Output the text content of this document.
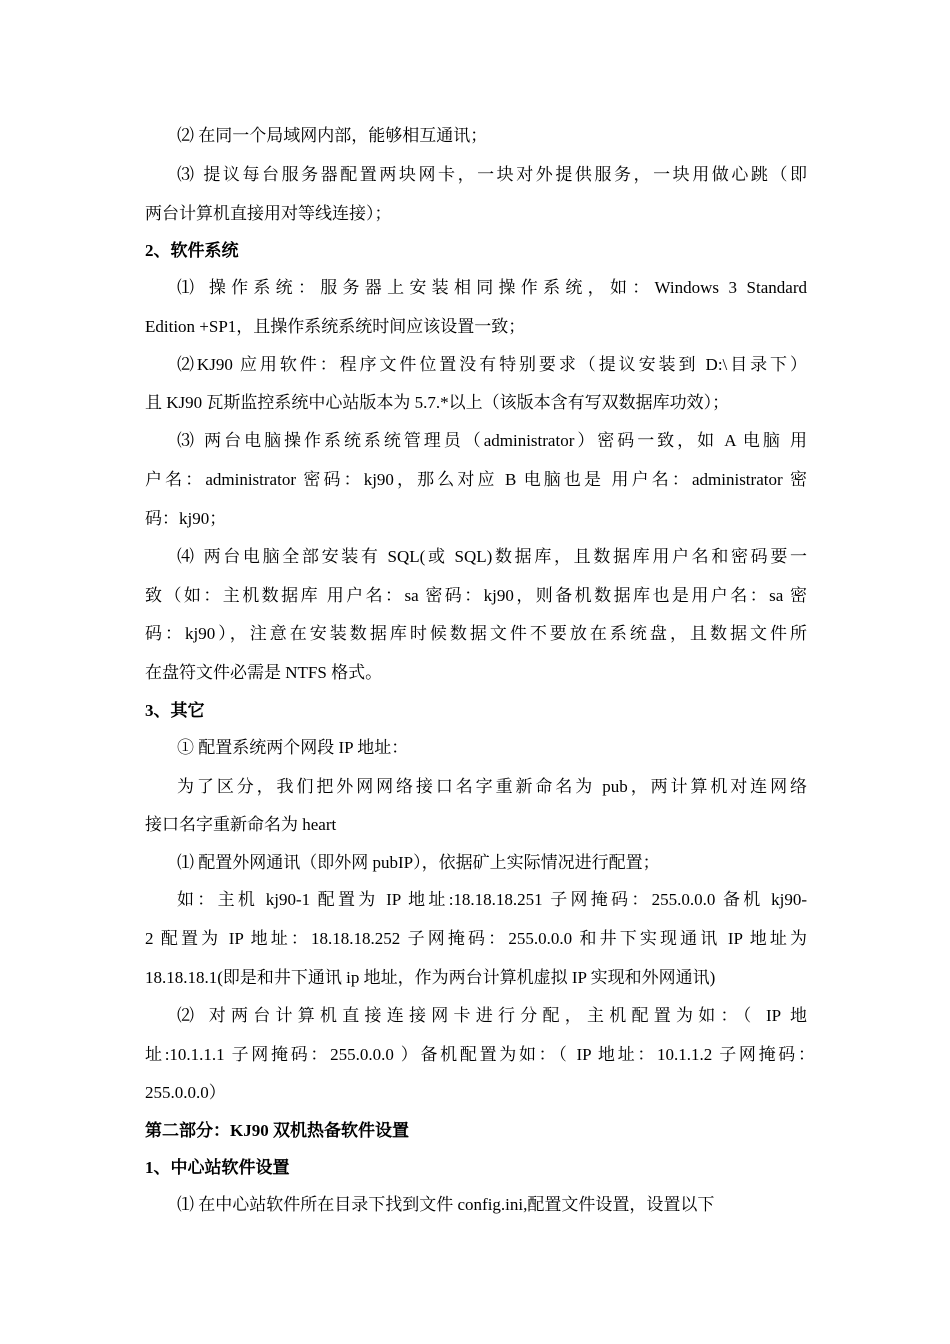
⑵ 在同一个局域网内部，能够相互通讯；
⑶ 提议每台服务器配置两块网卡，一块对外提供服务，一块用做心跳（即
两台计算机直接用对等线连接）；
2、软件系统
⑴ 操作系统：服务器上安装相同操作系统，如：Windows 3 Standard
Edition +SP1，且操作系统系统时间应该设置一致；
⑵KJ90 应用软件：程序文件位置没有特别要求（提议安装到 D:\目录下）
且 KJ90 瓦斯监控系统中心站版本为 5.7.*以上（该版本含有写双数据库功效）；
⑶ 两台电脑操作系统系统管理员（administrator）密码一致，如 A 电脑 用
户名：administrator 密码：kj90，那么对应 B 电脑也是 用户名：administrator 密
码：kj90；
⑷ 两台电脑全部安装有 SQL(或 SQL)数据库，且数据库用户名和密码要一
致（如：主机数据库 用户名：sa 密码：kj90，则备机数据库也是用户名：sa 密
码：kj90），注意在安装数据库时候数据文件不要放在系统盘，且数据文件所
在盘符文件必需是 NTFS 格式。
3、其它
① 配置系统两个网段 IP 地址：
为了区分，我们把外网网络接口名字重新命名为 pub，两计算机对连网络
接口名字重新命名为 heart
⑴ 配置外网通讯（即外网 pubIP），依据矿上实际情况进行配置；
如：主机 kj90-1 配置为 IP 地址:18.18.18.251 子网掩码：255.0.0.0 备机 kj90-
2 配置为 IP 地址：18.18.18.252 子网掩码：255.0.0.0 和井下实现通讯 IP 地址为
18.18.18.1(即是和井下通讯 ip 地址，作为两台计算机虚拟 IP 实现和外网通讯)
⑵ 对两台计算机直接连接网卡进行分配，主机配置为如：（ IP 地
址:10.1.1.1 子网掩码：255.0.0.0 ）备机配置为如：（ IP 地址：10.1.1.2 子网掩码：
255.0.0.0）
第二部分：KJ90 双机热备软件设置
1、中心站软件设置
⑴ 在中心站软件所在目录下找到文件 config.ini,配置文件设置，设置以下
